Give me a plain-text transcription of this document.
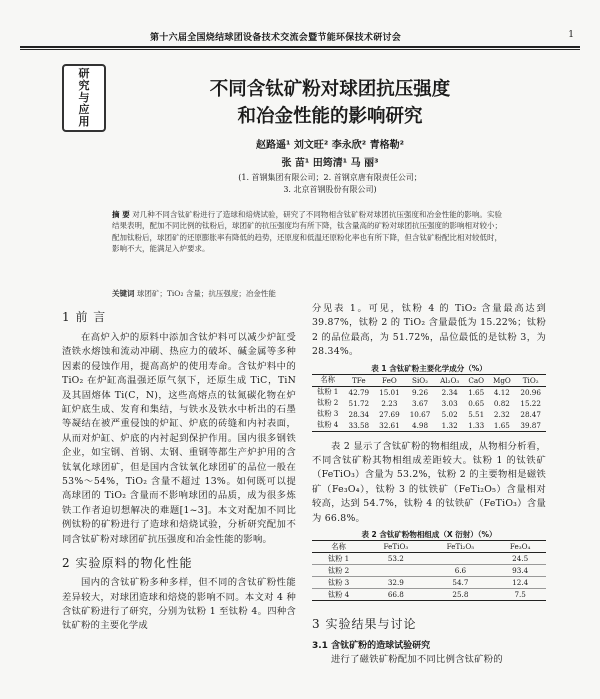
第十六届全国烧结球团设备技术交流会暨节能环保技术研讨会	1
研
究
与
应
用
不同含钛矿粉对球团抗压强度
和冶金性能的影响研究
赵路遥¹ 刘文旺² 李永欣² 青格勒²
张 苗¹ 田筠清¹ 马 丽³
(1. 首钢集团有限公司；2. 首钢京唐有限责任公司；
3. 北京首钢股份有限公司)
摘 要 对几种不同含钛矿粉进行了造球和焙烧试验，研究了不同物相含钛矿粉对球团抗压强度和冶金性能的影响。实验结果表明，配加不同比例的钛粉后，球团矿的抗压强度均有所下降，钛含量高的矿粉对球团抗压强度的影响相对较小；配加钛粉后，球团矿的还原膨胀率有降低的趋势，还原度和低温还原粉化率也有所下降，但含钛矿粉配比相对较低时，影响不大，能满足入炉要求。
关键词 球团矿；TiO₂ 含量；抗压强度；冶金性能
1 前 言

在高炉入炉的原料中添加含钛炉料可以减少炉缸受渣铁水熔蚀和流动冲刷、热应力的破坏、碱金属等多种因素的侵蚀作用，提高高炉的使用寿命。含钛炉料中的 TiO₂ 在炉缸高温强还原气氛下，还原生成 TiC，TiN 及其固熔体 Ti(C，N)，这些高熔点的钛氮碳化物在炉缸炉底生成、发育和集结，与铁水及铁水中析出的石墨等凝结在被严重侵蚀的炉缸、炉底的砖缝和内衬表面，从而对炉缸、炉底的内衬起到保护作用。国内很多钢铁企业，如宝钢、首钢、太钢、重钢等都生产炉护用的含钛氧化球团矿，但是国内含钛氧化球团矿的品位一般在 53%～54%，TiO₂ 含量不超过 13%。如何既可以提高球团的 TiO₂ 含量而不影响球团的品质，成为很多炼铁工作者迫切想解决的难题[1~3]。本文对配加不同比例钛粉的矿粉进行了造球和焙烧试验，分析研究配加不同含钛矿粉对球团矿抗压强度和冶金性能的影响。

2 实验原料的物化性能

国内的含钛矿粉多种多样，但不同的含钛矿粉性能差异较大，对球团造球和焙烧的影响不同。本文对 4 种含钛矿粉进行了研究，分别为钛粉 1 至钛粉 4。四种含钛矿粉的主要化学成

分见表 1。可见，钛粉 4 的 TiO₂ 含量最高达到 39.87%，钛粉 2 的 TiO₂ 含量最低为 15.22%；钛粉 2 的品位最高，为 51.72%，品位最低的是钛粉 3，为 28.34%。

表 1 含钛矿粉主要化学成分（%）

名称	TFe	FeO	SiO₂	Al₂O₃	CaO	MgO	TiO₂
钛粉 1	42.79	15.01	9.26	2.34	1.65	4.12	20.96
钛粉 2	51.72	2.23	3.67	3.03	0.65	0.82	15.22
钛粉 3	28.34	27.69	10.67	5.02	5.51	2.32	28.47
钛粉 4	33.58	32.61	4.98	1.32	1.33	1.65	39.87

表 2 显示了含钛矿粉的物相组成，从物相分析看，不同含钛矿粉其物相组成差距较大。钛粉 1 的钛铁矿（FeTiO₃）含量为 53.2%，钛粉 2 的主要物相是磁铁矿（Fe₃O₄），钛粉 3 的钛铁矿（FeTi₂O₅）含量相对较高，达到 54.7%，钛粉 4 的钛铁矿（FeTiO₃）含量为 66.8%。

表 2 含钛矿粉物相组成（X 衍射）（%）

名称	FeTiO₃	FeTi₂O₅	Fe₃O₄
钛粉 1	53.2		24.5
钛粉 2		6.6	93.4
钛粉 3	32.9	54.7	12.4
钛粉 4	66.8	25.8	7.5
3 实验结果与讨论

3.1 含钛矿粉的造球试验研究

进行了磁铁矿粉配加不同比例含钛矿粉的
